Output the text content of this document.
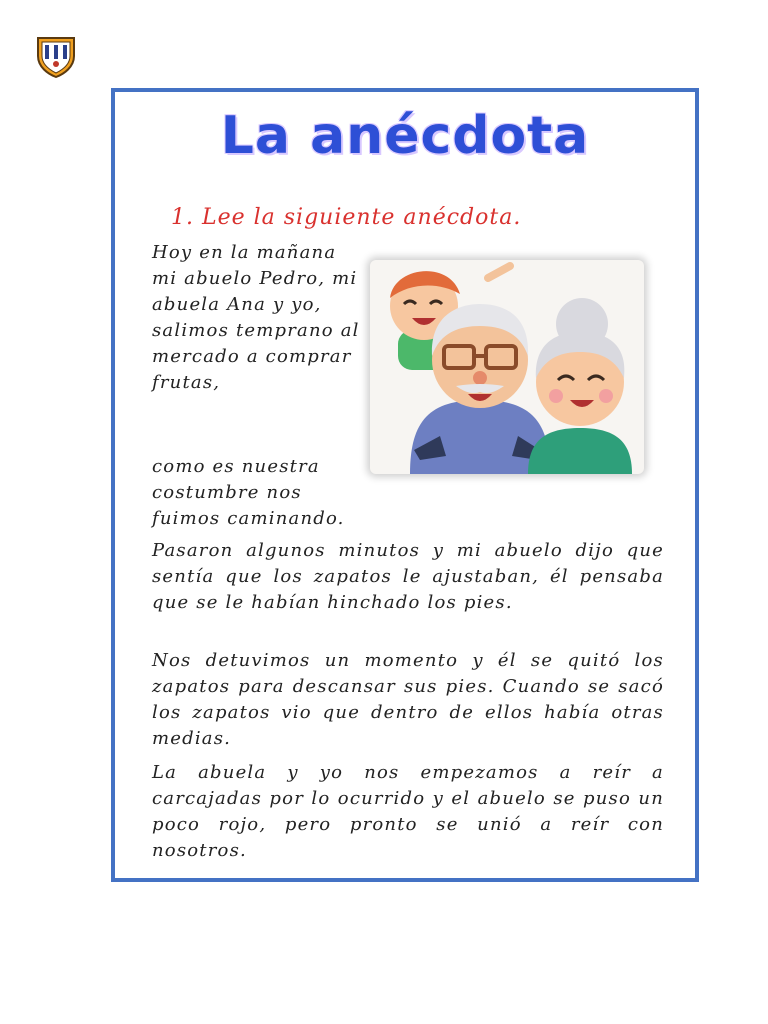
La anécdota
1. Lee la siguiente anécdota.

Hoy en la mañana mi abuelo Pedro, mi abuela Ana y yo, salimos temprano al mercado a comprar frutas,

como es nuestra costumbre nos fuimos caminando.

Pasaron algunos minutos y mi abuelo dijo que sentía que los zapatos le ajustaban, él pensaba que se le habían hinchado los pies.

Nos detuvimos un momento y él se quitó los zapatos para descansar sus pies. Cuando se sacó los zapatos vio que dentro de ellos había otras medias.

La abuela y yo nos empezamos a reír a carcajadas por lo ocurrido y el abuelo se puso un poco rojo, pero pronto se unió a reír con nosotros.
